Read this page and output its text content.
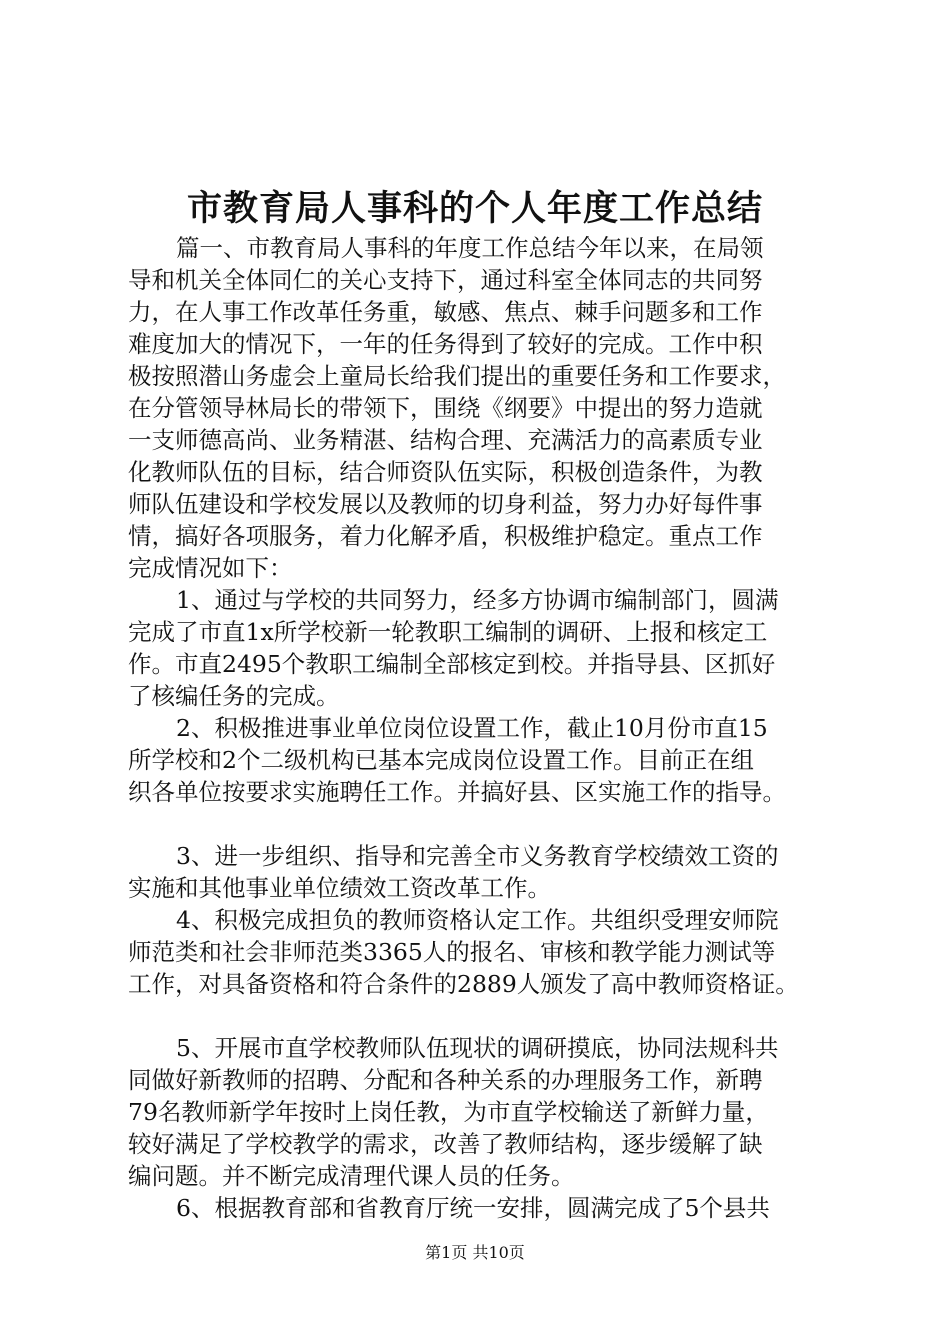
市教育局人事科的个人年度工作总结
篇一、市教育局人事科的年度工作总结今年以来，在局领
导和机关全体同仁的关心支持下，通过科室全体同志的共同努
力，在人事工作改革任务重，敏感、焦点、棘手问题多和工作
难度加大的情况下，一年的任务得到了较好的完成。工作中积
极按照潜山务虚会上童局长给我们提出的重要任务和工作要求，
在分管领导林局长的带领下，围绕《纲要》中提出的努力造就
一支师德高尚、业务精湛、结构合理、充满活力的高素质专业
化教师队伍的目标，结合师资队伍实际，积极创造条件，为教
师队伍建设和学校发展以及教师的切身利益，努力办好每件事
情，搞好各项服务，着力化解矛盾，积极维护稳定。重点工作
完成情况如下：
1、通过与学校的共同努力，经多方协调市编制部门，圆满
完成了市直1x所学校新一轮教职工编制的调研、上报和核定工
作。市直2495个教职工编制全部核定到校。并指导县、区抓好
了核编任务的完成。
2、积极推进事业单位岗位设置工作，截止10月份市直15
所学校和2个二级机构已基本完成岗位设置工作。目前正在组
织各单位按要求实施聘任工作。并搞好县、区实施工作的指导。
3、进一步组织、指导和完善全市义务教育学校绩效工资的
实施和其他事业单位绩效工资改革工作。
4、积极完成担负的教师资格认定工作。共组织受理安师院
师范类和社会非师范类3365人的报名、审核和教学能力测试等
工作，对具备资格和符合条件的2889人颁发了高中教师资格证。
5、开展市直学校教师队伍现状的调研摸底，协同法规科共
同做好新教师的招聘、分配和各种关系的办理服务工作，新聘
79名教师新学年按时上岗任教，为市直学校输送了新鲜力量，
较好满足了学校教学的需求，改善了教师结构，逐步缓解了缺
编问题。并不断完成清理代课人员的任务。
6、根据教育部和省教育厅统一安排，圆满完成了5个县共
第1页 共10页
